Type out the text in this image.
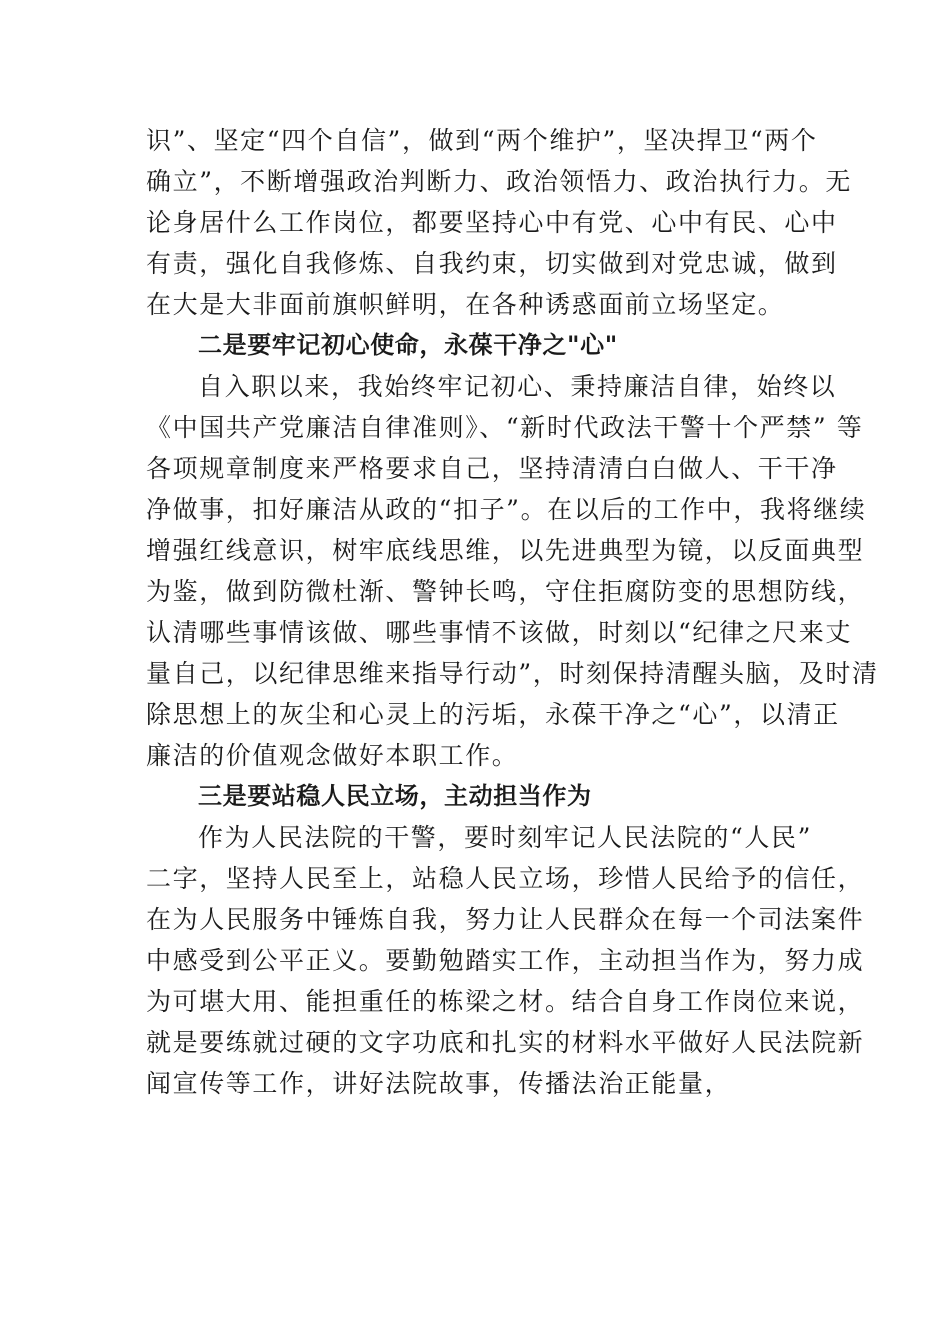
识”、坚定“四个自信”，做到“两个维护”，坚决捍卫“两个
确立”，不断增强政治判断力、政治领悟力、政治执行力。无
论身居什么工作岗位，都要坚持心中有党、心中有民、心中
有责，强化自我修炼、自我约束，切实做到对党忠诚，做到
在大是大非面前旗帜鲜明，在各种诱惑面前立场坚定。
二是要牢记初心使命，永葆干净之"心"
自入职以来，我始终牢记初心、秉持廉洁自律，始终以
《中国共产党廉洁自律准则》、“新时代政法干警十个严禁” 等
各项规章制度来严格要求自己，坚持清清白白做人、干干净
净做事，扣好廉洁从政的“扣子”。在以后的工作中，我将继续
增强红线意识，树牢底线思维，以先进典型为镜，以反面典型
为鉴，做到防微杜渐、警钟长鸣，守住拒腐防变的思想防线，
认清哪些事情该做、哪些事情不该做，时刻以“纪律之尺来丈
量自己，以纪律思维来指导行动”，时刻保持清醒头脑，及时清
除思想上的灰尘和心灵上的污垢，永葆干净之“心”，以清正
廉洁的价值观念做好本职工作。
三是要站稳人民立场，主动担当作为
作为人民法院的干警，要时刻牢记人民法院的“人民”
二字，坚持人民至上，站稳人民立场，珍惜人民给予的信任，
在为人民服务中锤炼自我，努力让人民群众在每一个司法案件
中感受到公平正义。要勤勉踏实工作，主动担当作为，努力成
为可堪大用、能担重任的栋梁之材。结合自身工作岗位来说，
就是要练就过硬的文字功底和扎实的材料水平做好人民法院新
闻宣传等工作，讲好法院故事，传播法治正能量，
